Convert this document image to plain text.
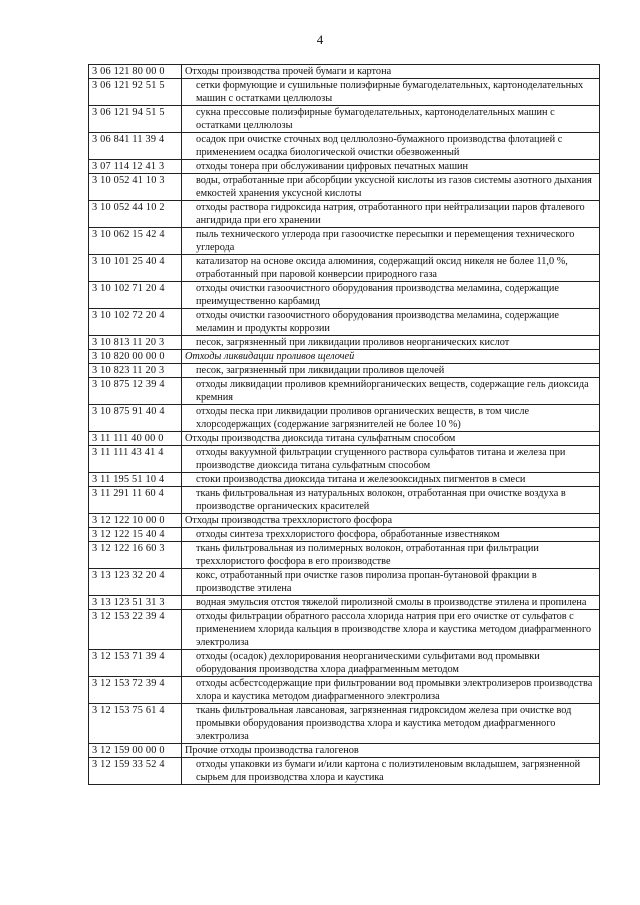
4
3 06 121 80 00 0	Отходы производства прочей бумаги и картона
3 06 121 92 51 5	сетки формующие и сушильные полиэфирные бумагоделательных, картоноделательных машин с остатками целлюлозы
3 06 121 94 51 5	сукна прессовые полиэфирные бумагоделательных, картоноделательных машин с остатками целлюлозы
3 06 841 11 39 4	осадок при очистке сточных вод целлюлозно-бумажного производства флотацией с применением осадка биологической очистки обезвоженный
3 07 114 12 41 3	отходы тонера при обслуживании цифровых печатных машин
3 10 052 41 10 3	воды, отработанные при абсорбции уксусной кислоты из газов системы азотного дыхания емкостей хранения уксусной кислоты
3 10 052 44 10 2	отходы раствора гидроксида натрия, отработанного при нейтрализации паров фталевого ангидрида при его хранении
3 10 062 15 42 4	пыль технического углерода при газоочистке пересыпки и перемещения технического углерода
3 10 101 25 40 4	катализатор на основе оксида алюминия, содержащий оксид никеля не более 11,0 %, отработанный при паровой конверсии природного газа
3 10 102 71 20 4	отходы очистки газоочистного оборудования производства меламина, содержащие преимущественно карбамид
3 10 102 72 20 4	отходы очистки газоочистного оборудования производства меламина, содержащие меламин и продукты коррозии
3 10 813 11 20 3	песок, загрязненный при ликвидации проливов неорганических кислот
3 10 820 00 00 0	Отходы ликвидации проливов щелочей
3 10 823 11 20 3	песок, загрязненный при ликвидации проливов щелочей
3 10 875 12 39 4	отходы ликвидации проливов кремнийорганических веществ, содержащие гель диоксида кремния
3 10 875 91 40 4	отходы песка при ликвидации проливов органических веществ, в том числе хлорсодержащих (содержание загрязнителей не более 10 %)
3 11 111 40 00 0	Отходы производства диоксида титана сульфатным способом
3 11 111 43 41 4	отходы вакуумной фильтрации сгущенного раствора сульфатов титана и железа при производстве диоксида титана сульфатным способом
3 11 195 51 10 4	стоки производства диоксида титана и железооксидных пигментов в смеси
3 11 291 11 60 4	ткань фильтровальная из натуральных волокон, отработанная при очистке воздуха в производстве органических красителей
3 12 122 10 00 0	Отходы производства треххлористого фосфора
3 12 122 15 40 4	отходы синтеза треххлористого фосфора, обработанные известняком
3 12 122 16 60 3	ткань фильтровальная из полимерных волокон, отработанная при фильтрации треххлористого фосфора в его производстве
3 13 123 32 20 4	кокс, отработанный при очистке газов пиролиза пропан-бутановой фракции в производстве этилена
3 13 123 51 31 3	водная эмульсия отстоя тяжелой пиролизной смолы в производстве этилена и пропилена
3 12 153 22 39 4	отходы фильтрации обратного рассола хлорида натрия при его очистке от сульфатов с применением хлорида кальция в производстве хлора и каустика методом диафрагменного электролиза
3 12 153 71 39 4	отходы (осадок) дехлорирования неорганическими сульфитами вод промывки оборудования производства хлора диафрагменным методом
3 12 153 72 39 4	отходы асбестсодержащие при фильтровании вод промывки электролизеров производства хлора и каустика методом диафрагменного электролиза
3 12 153 75 61 4	ткань фильтровальная лавсановая, загрязненная гидроксидом железа при очистке вод промывки оборудования производства хлора и каустика методом диафрагменного электролиза
3 12 159 00 00 0	Прочие отходы производства галогенов
3 12 159 33 52 4	отходы упаковки из бумаги и/или картона с полиэтиленовым вкладышем, загрязненной сырьем для производства хлора и каустика
